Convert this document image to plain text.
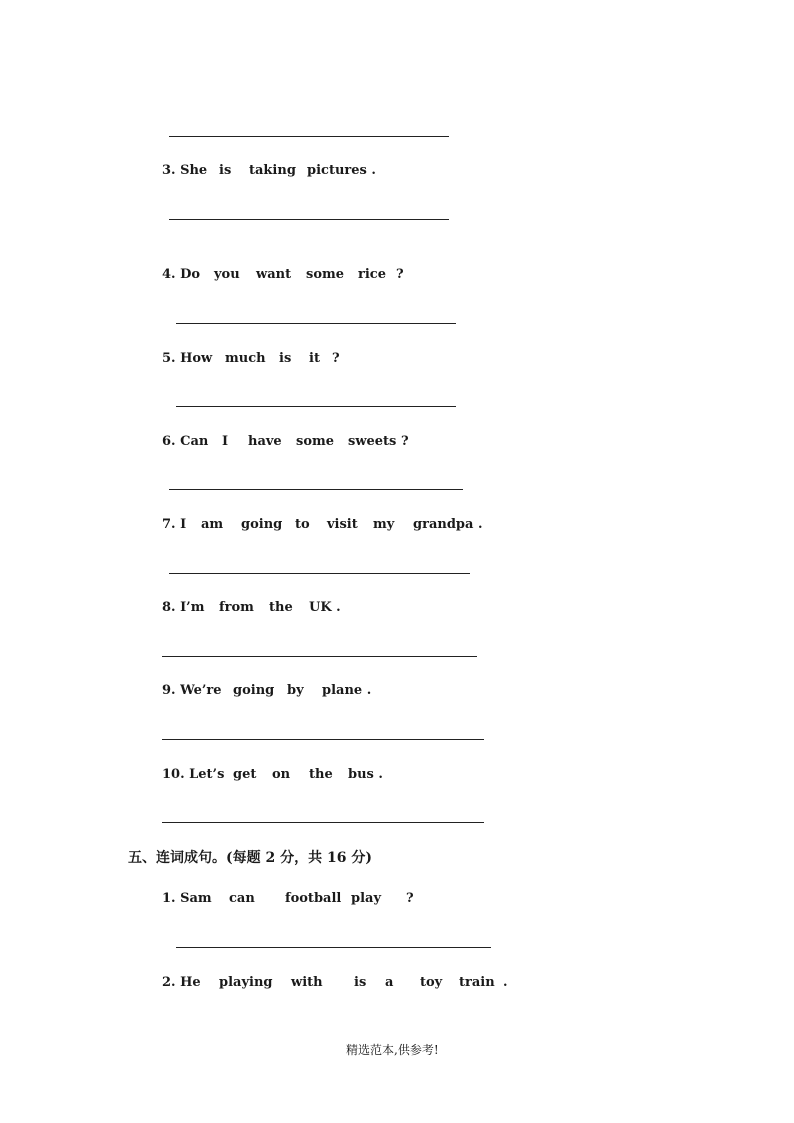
3. She is taking pictures .
4. Do you want some rice ?
5. How much is it ?
6. Can I have some sweets ?
7. I am going to visit my grandpa .
8. I’m from the UK .
9. We’re going by plane .
10. Let’s get on the bus .
五、连词成句。(每题 2 分，共 16 分)
1. Sam can football play ?
2. He playing with is a toy train .
精选范本,供参考!
